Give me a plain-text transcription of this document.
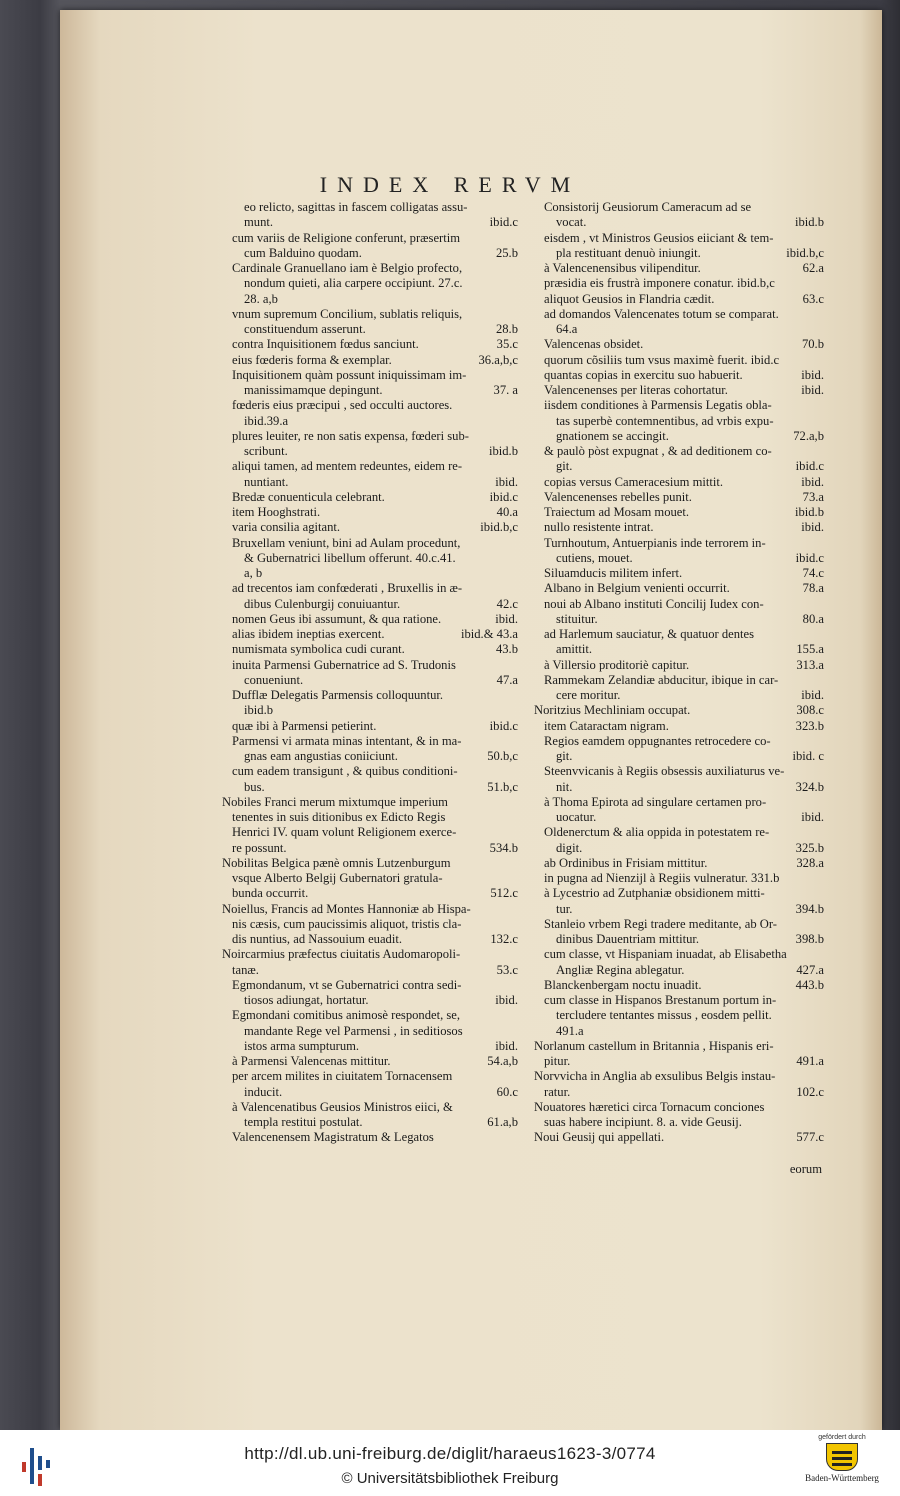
INDEX RERVM
eo relicto, sagittas in fascem colligatas assu-
munt.	ibid.c
cum variis de Religione conferunt, præsertim
cum Balduino quodam.	25.b
Cardinale Granuellano iam è Belgio profecto,
nondum quieti, alia carpere occipiunt. 27.c.
28. a,b
vnum supremum Concilium, sublatis reliquis,
constituendum asserunt.	28.b
contra Inquisitionem fœdus sanciunt.	35.c
eius fœderis forma & exemplar.	36.a,b,c
Inquisitionem quàm possunt iniquissimam im-
manissimamque depingunt.	37. a
fœderis eius præcipui , sed occulti auctores.
ibid.39.a
plures leuiter, re non satis expensa, fœderi sub-
scribunt.	ibid.b
aliqui tamen, ad mentem redeuntes, eidem re-
nuntiant.	ibid.
Bredæ conuenticula celebrant.	ibid.c
item Hooghstrati.	40.a
varia consilia agitant.	ibid.b,c
Bruxellam veniunt, bini ad Aulam procedunt,
& Gubernatrici libellum offerunt. 40.c.41.
a, b
ad trecentos iam confœderati , Bruxellis in æ-
dibus Culenburgij conuiuantur.	42.c
nomen Geus ibi assumunt, & qua ratione.	ibid.
alias ibidem ineptias exercent.	ibid.& 43.a
numismata symbolica cudi curant.	43.b
inuita Parmensi Gubernatrice ad S. Trudonis
conueniunt.	47.a
Dufflæ Delegatis Parmensis colloquuntur.
ibid.b
quæ ibi à Parmensi petierint.	ibid.c
Parmensi vi armata minas intentant, & in ma-
gnas eam angustias coniiciunt.	50.b,c
cum eadem transigunt , & quibus conditioni-
bus.	51.b,c
Nobiles Franci merum mixtumque imperium
tenentes in suis ditionibus ex Edicto Regis
Henrici IV. quam volunt Religionem exerce-
re possunt.	534.b
Nobilitas Belgica pænè omnis Lutzenburgum
vsque Alberto Belgij Gubernatori gratula-
bunda occurrit.	512.c
Noiellus, Francis ad Montes Hannoniæ ab Hispa-
nis cæsis, cum paucissimis aliquot, tristis cla-
dis nuntius, ad Nassouium euadit.	132.c
Noircarmius præfectus ciuitatis Audomaropoli-
tanæ.	53.c
Egmondanum, vt se Gubernatrici contra sedi-
tiosos adiungat, hortatur.	ibid.
Egmondani comitibus animosè respondet, se,
mandante Rege vel Parmensi , in seditiosos
istos arma sumpturum.	ibid.
à Parmensi Valencenas mittitur.	54.a,b
per arcem milites in ciuitatem Tornacensem
inducit.	60.c
à Valencenatibus Geusios Ministros eiici, &
templa restitui postulat.	61.a,b
Valencenensem Magistratum & Legatos
Consistorij Geusiorum Cameracum ad se
vocat.	ibid.b
eisdem , vt Ministros Geusios eiiciant & tem-
pla restituant denuò iniungit.	ibid.b,c
à Valencenensibus vilipenditur.	62.a
præsidia eis frustrà imponere conatur. ibid.b,c
aliquot Geusios in Flandria cædit.	63.c
ad domandos Valencenates totum se comparat.
64.a
Valencenas obsidet.	70.b
quorum cõsiliis tum vsus maximè fuerit. ibid.c
quantas copias in exercitu suo habuerit.	ibid.
Valencenenses per literas cohortatur.	ibid.
iisdem conditiones à Parmensis Legatis obla-
tas superbè contemnentibus, ad vrbis expu-
gnationem se accingit.	72.a,b
& paulò pòst expugnat , & ad deditionem co-
git.	ibid.c
copias versus Cameracesium mittit.	ibid.
Valencenenses rebelles punit.	73.a
Traiectum ad Mosam mouet.	ibid.b
nullo resistente intrat.	ibid.
Turnhoutum, Antuerpianis inde terrorem in-
cutiens, mouet.	ibid.c
Siluamducis militem infert.	74.c
Albano in Belgium venienti occurrit.	78.a
noui ab Albano instituti Concilij Iudex con-
stituitur.	80.a
ad Harlemum sauciatur, & quatuor dentes
amittit.	155.a
à Villersio proditoriè capitur.	313.a
Rammekam Zelandiæ abducitur, ibique in car-
cere moritur.	ibid.
Noritzius Mechliniam occupat.	308.c
item Cataractam nigram.	323.b
Regios eamdem oppugnantes retrocedere co-
git.	ibid. c
Steenvvicanis à Regiis obsessis auxiliaturus ve-
nit.	324.b
à Thoma Epirota ad singulare certamen pro-
uocatur.	ibid.
Oldenerctum & alia oppida in potestatem re-
digit.	325.b
ab Ordinibus in Frisiam mittitur.	328.a
in pugna ad Nienzijl à Regiis vulneratur. 331.b
à Lycestrio ad Zutphaniæ obsidionem mitti-
tur.	394.b
Stanleio vrbem Regi tradere meditante, ab Or-
dinibus Dauentriam mittitur.	398.b
cum classe, vt Hispaniam inuadat, ab Elisabetha
Angliæ Regina ablegatur.	427.a
Blanckenbergam noctu inuadit.	443.b
cum classe in Hispanos Brestanum portum in-
tercludere tentantes missus , eosdem pellit.
491.a
Norlanum castellum in Britannia , Hispanis eri-
pitur.	491.a
Norvvicha in Anglia ab exsulibus Belgis instau-
ratur.	102.c
Nouatores hæretici circa Tornacum conciones
suas habere incipiunt. 8. a. vide Geusij.
Noui Geusij qui appellati.	577.c
eorum
http://dl.ub.uni-freiburg.de/diglit/haraeus1623-3/0774
© Universitätsbibliothek Freiburg
gefördert durch
Baden-Württemberg
